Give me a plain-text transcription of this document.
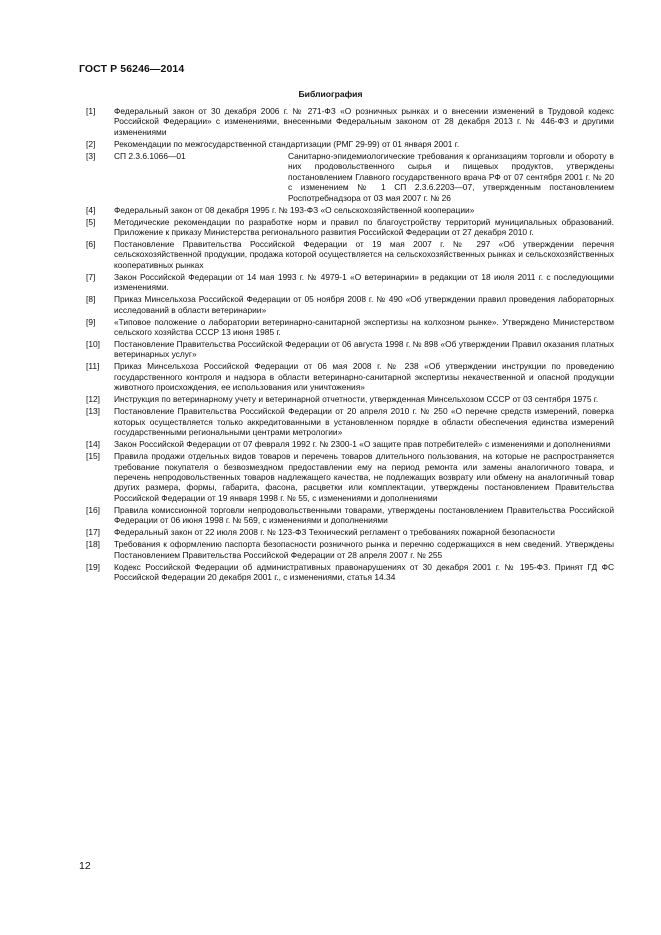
ГОСТ Р 56246—2014
Библиография
[1]	Федеральный закон от 30 декабря 2006 г. № 271-ФЗ «О розничных рынках и о внесении изменений в Трудовой кодекс Российской Федерации» с изменениями, внесенными Федеральным законом от 28 декабря 2013 г. № 446-ФЗ и другими изменениями
[2]	Рекомендации по межгосударственной стандартизации (РМГ 29-99) от 01 января 2001 г.
[3]	СП 2.3.6.1066—01	Санитарно-эпидемиологические требования к организациям торговли и обороту в них продовольственного сырья и пищевых продуктов, утверждены постановлением Главного государственного врача РФ от 07 сентября 2001 г. № 20 с изменением № 1 СП 2.3.6.2203—07, утвержденным постановлением Роспотребнадзора от 03 мая 2007 г. № 26
[4]	Федеральный закон от 08 декабря 1995 г. № 193-ФЗ «О сельскохозяйственной кооперации»
[5]	Методические рекомендации по разработке норм и правил по благоустройству территорий муниципальных образований. Приложение к приказу Министерства регионального развития Российской Федерации от 27 декабря 2010 г.
[6]	Постановление Правительства Российской Федерации от 19 мая 2007 г. № 297 «Об утверждении перечня сельскохозяйственной продукции, продажа которой осуществляется на сельскохозяйственных рынках и сельскохозяйственных кооперативных рынках
[7]	Закон Российской Федерации от 14 мая 1993 г. № 4979-1 «О ветеринарии» в редакции от 18 июля 2011 г. с последующими изменениями.
[8]	Приказ Минсельхоза Российской Федерации от 05 ноября 2008 г. № 490 «Об утверждении правил проведения лабораторных исследований в области ветеринарии»
[9]	«Типовое положение о лаборатории ветеринарно-санитарной экспертизы на колхозном рынке». Утверждено Министерством сельского хозяйства СССР 13 июня 1985 г.
[10]	Постановление Правительства Российской Федерации от 06 августа 1998 г. № 898 «Об утверждении Правил оказания платных ветеринарных услуг»
[11]	Приказ Минсельхоза Российской Федерации от 06 мая 2008 г. № 238 «Об утверждении инструкции по проведению государственного контроля и надзора в области ветеринарно-санитарной экспертизы некачественной и опасной продукции животного происхождения, ее использования или уничтожения»
[12]	Инструкция по ветеринарному учету и ветеринарной отчетности, утвержденная Минсельхозом СССР от 03 сентября 1975 г.
[13]	Постановление Правительства Российской Федерации от 20 апреля 2010 г. № 250 «О перечне средств измерений, поверка которых осуществляется только аккредитованными в установленном порядке в области обеспечения единства измерений государственными региональными центрами метрологии»
[14]	Закон Российской Федерации от 07 февраля 1992 г. № 2300-1 «О защите прав потребителей» с изменениями и дополнениями
[15]	Правила продажи отдельных видов товаров и перечень товаров длительного пользования, на которые не распространяется требование покупателя о безвозмездном предоставлении ему на период ремонта или замены аналогичного товара, и перечень непродовольственных товаров надлежащего качества, не подлежащих возврату или обмену на аналогичный товар других размера, формы, габарита, фасона, расцветки или комплектации, утверждены постановлением Правительства Российской Федерации от 19 января 1998 г. № 55, с изменениями и дополнениями
[16]	Правила комиссионной торговли непродовольственными товарами, утверждены постановлением Правительства Российской Федерации от 06 июня 1998 г. № 569, с изменениями и дополнениями
[17]	Федеральный закон от 22 июля 2008 г. № 123-ФЗ Технический регламент о требованиях пожарной безопасности
[18]	Требования к оформлению паспорта безопасности розничного рынка и перечню содержащихся в нем сведений. Утверждены Постановлением Правительства Российской Федерации от 28 апреля 2007 г. № 255
[19]	Кодекс Российской Федерации об административных правонарушениях от 30 декабря 2001 г. № 195-ФЗ. Принят ГД ФС Российской Федерации 20 декабря 2001 г., с изменениями, статья 14.34
12
